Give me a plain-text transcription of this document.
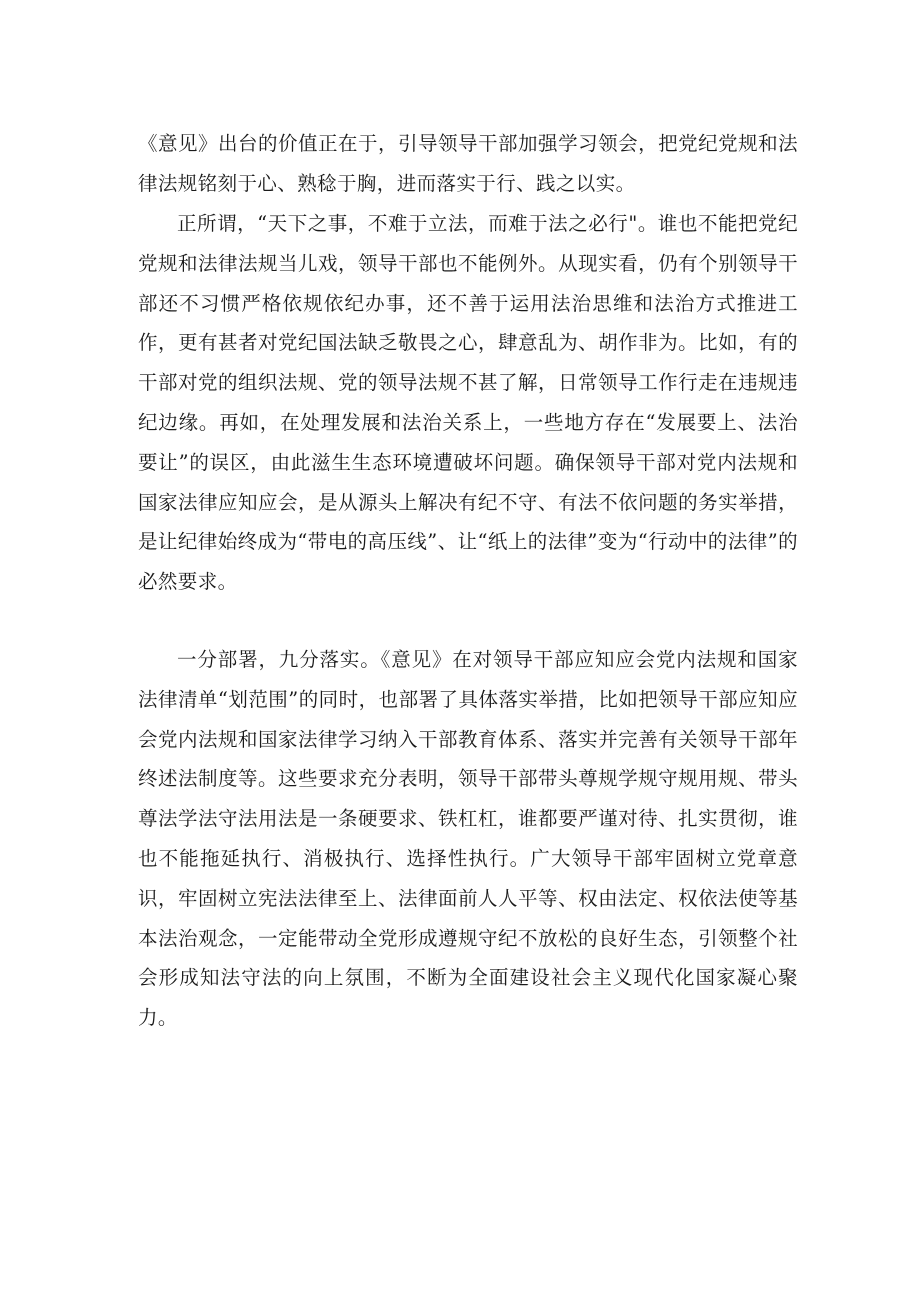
《意见》出台的价值正在于，引导领导干部加强学习领会，把党纪党规和法律法规铭刻于心、熟稔于胸，进而落实于行、践之以实。

正所谓，“天下之事，不难于立法，而难于法之必行"。谁也不能把党纪党规和法律法规当儿戏，领导干部也不能例外。从现实看，仍有个别领导干部还不习惯严格依规依纪办事，还不善于运用法治思维和法治方式推进工作，更有甚者对党纪国法缺乏敬畏之心，肆意乱为、胡作非为。比如，有的干部对党的组织法规、党的领导法规不甚了解，日常领导工作行走在违规违纪边缘。再如，在处理发展和法治关系上，一些地方存在“发展要上、法治要让”的误区，由此滋生生态环境遭破坏问题。确保领导干部对党内法规和国家法律应知应会，是从源头上解决有纪不守、有法不依问题的务实举措，是让纪律始终成为“带电的高压线”、让“纸上的法律”变为“行动中的法律”的必然要求。

一分部署，九分落实。《意见》在对领导干部应知应会党内法规和国家法律清单“划范围”的同时，也部署了具体落实举措，比如把领导干部应知应会党内法规和国家法律学习纳入干部教育体系、落实并完善有关领导干部年终述法制度等。这些要求充分表明，领导干部带头尊规学规守规用规、带头尊法学法守法用法是一条硬要求、铁杠杠，谁都要严谨对待、扎实贯彻，谁也不能拖延执行、消极执行、选择性执行。广大领导干部牢固树立党章意识，牢固树立宪法法律至上、法律面前人人平等、权由法定、权依法使等基本法治观念，一定能带动全党形成遵规守纪不放松的良好生态，引领整个社会形成知法守法的向上氛围，不断为全面建设社会主义现代化国家凝心聚力。
